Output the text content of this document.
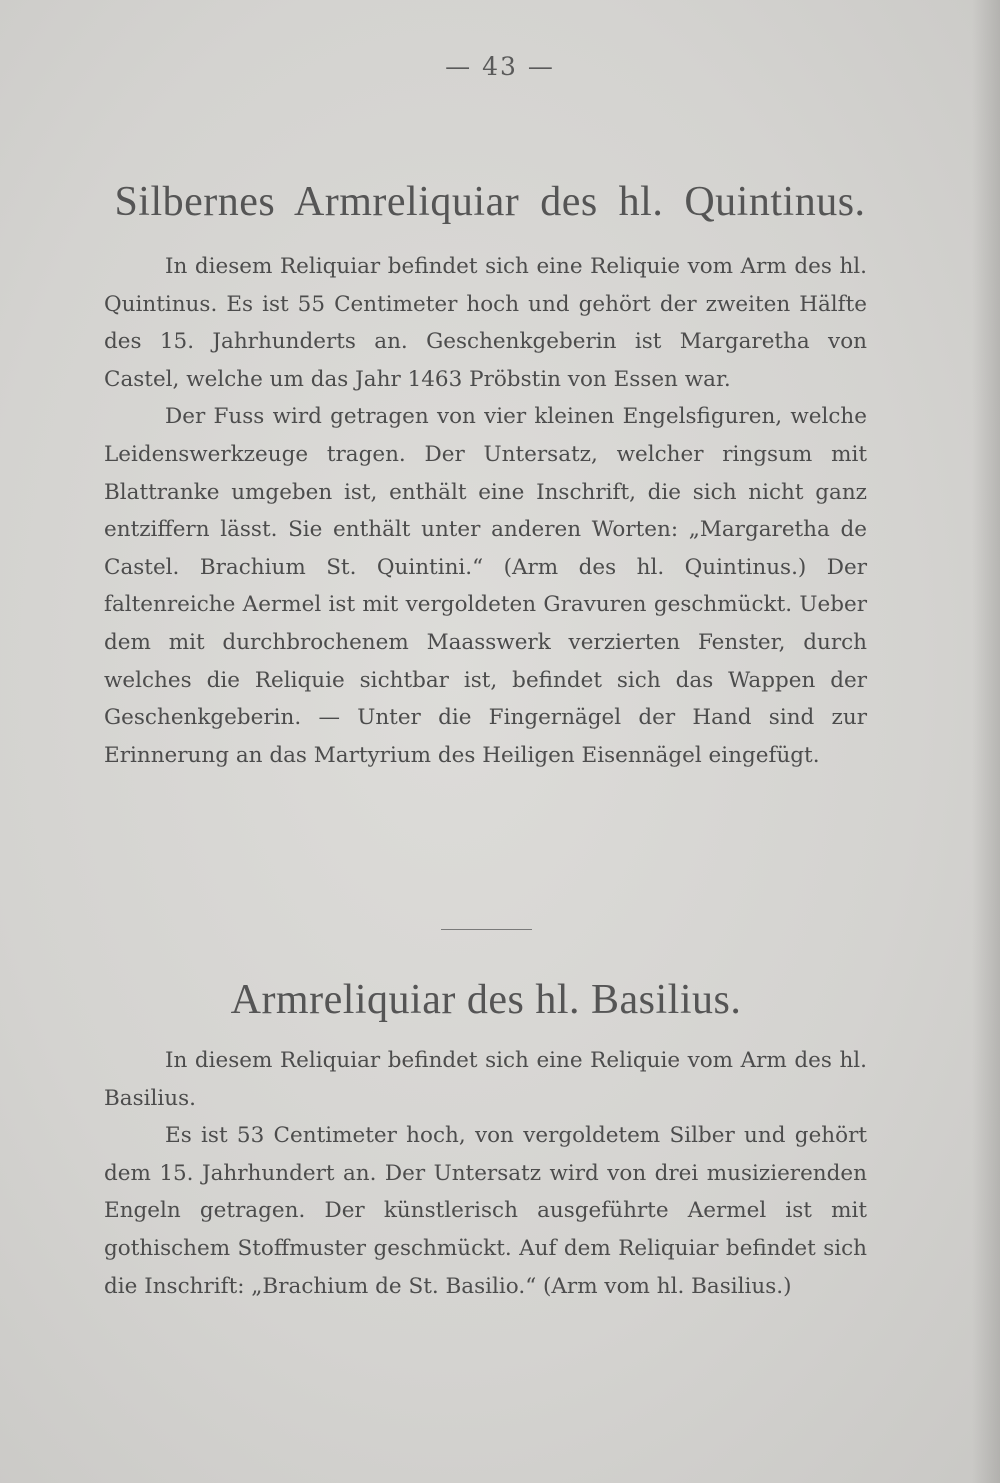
— 43 —
Silbernes Armreliquiar des hl. Quintinus.

In diesem Reliquiar befindet sich eine Reliquie vom Arm des hl. Quintinus. Es ist 55 Centimeter hoch und gehört der zweiten Hälfte des 15. Jahrhunderts an. Geschenkgeberin ist Margaretha von Castel, welche um das Jahr 1463 Pröbstin von Essen war.

Der Fuss wird getragen von vier kleinen Engelsfiguren, welche Leidenswerkzeuge tragen. Der Untersatz, welcher ringsum mit Blattranke umgeben ist, enthält eine Inschrift, die sich nicht ganz entziffern lässt. Sie enthält unter anderen Worten: „Margaretha de Castel. Brachium St. Quintini.“ (Arm des hl. Quintinus.) Der faltenreiche Aermel ist mit vergoldeten Gravuren geschmückt. Ueber dem mit durchbrochenem Maasswerk verzierten Fenster, durch welches die Reliquie sichtbar ist, befindet sich das Wappen der Geschenkgeberin. — Unter die Fingernägel der Hand sind zur Erinnerung an das Martyrium des Heiligen Eisennägel eingefügt.

Armreliquiar des hl. Basilius.

In diesem Reliquiar befindet sich eine Reliquie vom Arm des hl. Basilius.

Es ist 53 Centimeter hoch, von vergoldetem Silber und gehört dem 15. Jahrhundert an. Der Untersatz wird von drei musizierenden Engeln getragen. Der künstlerisch ausgeführte Aermel ist mit gothischem Stoffmuster geschmückt. Auf dem Reliquiar befindet sich die Inschrift: „Brachium de St. Basilio.“ (Arm vom hl. Basilius.)
